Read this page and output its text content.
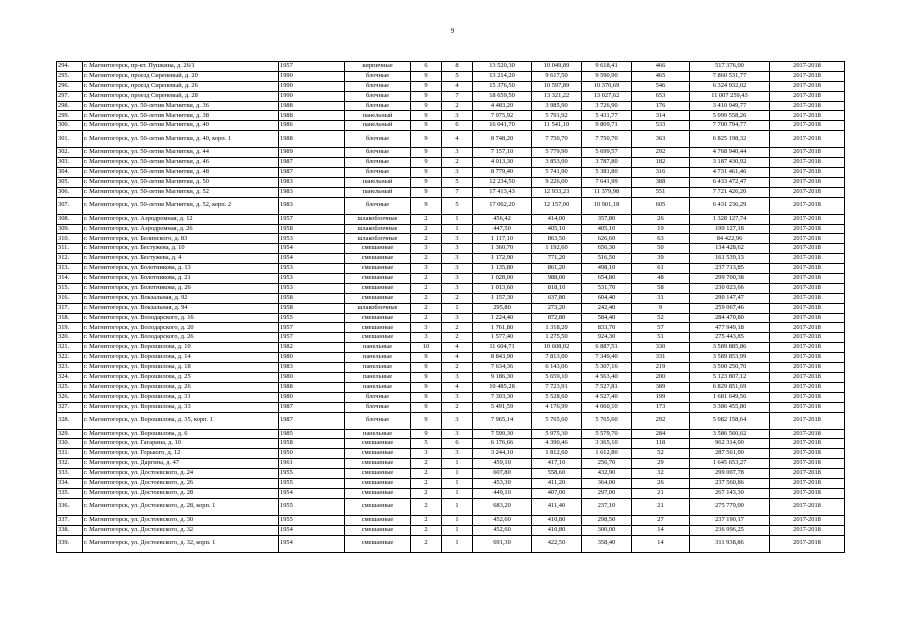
9
294.	г. Магнитогорск, пр-кт. Пушкина, д. 26/1	1957	кирпичные	6	8	13 520,30	10 049,89	9 618,41	466	517 376,00	2017-2018
295.	г. Магнитогорск, проезд Сиреневый, д. 20	1990	блочные	9	5	13 214,20	9 617,50	9 590,90	465	7 860 531,77	2017-2018
296.	г. Магнитогорск, проезд Сиреневый, д. 26	1990	блочные	9	4	15 376,50	10 597,89	10 370,69	546	6 324 932,02	2017-2018
297.	г. Магнитогорск, проезд Сиреневый, д. 28	1990	блочные	9	7	18 659,50	13 321,22	13 027,62	653	11 007 259,43	2017-2018
298.	г. Магнитогорск, ул. 50-летия Магнитки, д. 36	1988	блочные	9	2	4 483,20	3 985,90	3 726,90	176	3 410 949,77	2017-2018
299.	г. Магнитогорск, ул. 50-летия Магнитки, д. 38	1988	панельный	9	3	7 975,92	5 791,92	5 431,77	314	5 099 558,26	2017-2018
300.	г. Магнитогорск, ул. 50-летия Магнитки, д. 40	1986	панельный	9	6	16 041,70	11 541,10	9 809,71	533	7 700 794,77	2017-2018
301.	г. Магнитогорск, ул. 50-летия Магнитки, д. 40, корп. 1	1988	блочные	9	4	8 748,20	7 750,70	7 750,70	363	6 825 198,32	2017-2018
302.	г. Магнитогорск, ул. 50-летия Магнитки, д. 44	1989	блочные	9	3	7 157,10	5 779,90	5 699,57	292	4 768 940,44	2017-2018
303.	г. Магнитогорск, ул. 50-летия Магнитки, д. 46	1987	блочные	9	2	4 013,30	3 853,00	3 787,80	182	3 187 430,92	2017-2018
304.	г. Магнитогорск, ул. 50-летия Магнитки, д. 48	1987	блочные	9	3	8 779,40	5 741,90	5 381,80	316	4 731 461,46	2017-2018
305.	г. Магнитогорск, ул. 50-летия Магнитки, д. 50	1983	панельный	9	5	12 234,50	9 226,00	7 641,99	388	6 433 472,47	2017-2018
306.	г. Магнитогорск, ул. 50-летия Магнитки, д. 52	1983	панельный	9	7	17 413,43	12 933,23	11 379,98	551	7 721 426,20	2017-2018
307.	г. Магнитогорск, ул. 50-летия Магнитки, д. 52, корп. 2	1983	блочные	9	5	17 062,20	12 157,00	10 901,18	605	6 431 236,29	2017-2018
308.	г. Магнитогорск, ул. Аэродромная, д. 12	1957	шлакоблочные	2	1	456,42	414,00	357,80	26	1 328 127,74	2017-2018
309.	г. Магнитогорск, ул. Аэродромная, д. 26	1958	шлакоблочные	2	1	447,50	405,10	405,10	19	199 127,18	2017-2018
310.	г. Магнитогорск, ул. Белинского, д. 83	1953	шлакоблочные	2	3	1 117,10	863,50	626,60	63	84 422,96	2017-2018
311.	г. Магнитогорск, ул. Бестужева, д. 10	1954	смешанные	3	3	1 360,70	1 192,60	656,30	50	134 428,62	2017-2018
312.	г. Магнитогорск, ул. Бестужева, д. 4	1954	смешанные	2	3	1 172,90	771,20	516,50	39	161 539,13	2017-2018
313.	г. Магнитогорск, ул. Болотникова, д. 13	1953	смешанные	3	3	1 135,80	861,20	498,10	61	237 713,85	2017-2018
314.	г. Магнитогорск, ул. Болотникова, д. 21	1953	смешанные	2	3	1 028,00	988,00	654,80	48	299 700,38	2017-2018
315.	г. Магнитогорск, ул. Болотникова, д. 26	1953	смешанные	2	3	1 013,60	818,10	531,70	58	230 023,66	2017-2018
316.	г. Магнитогорск, ул. Вокзальная, д. 92	1958	смешанные	2	2	1 157,30	637,80	604,40	31	290 147,47	2017-2018
317.	г. Магнитогорск, ул. Вокзальная, д. 94	1958	шлакоблочные	2	1	295,80	273,20	242,40	9	259 067,46	2017-2018
318.	г. Магнитогорск, ул. Володарского, д. 16	1955	смешанные	2	3	1 224,40	872,80	584,40	52	284 470,80	2017-2018
319.	г. Магнитогорск, ул. Володарского, д. 20	1957	смешанные	3	2	1 761,80	1 318,20	833,70	57	477 949,18	2017-2018
320.	г. Магнитогорск, ул. Володарского, д. 26	1957	смешанные	3	2	1 577,40	1 275,50	924,30	51	275 443,85	2017-2018
321.	г. Магнитогорск, ул. Ворошилова, д. 10	1982	панельные	10	4	11 604,71	10 608,02	6 887,51	330	3 589 885,86	2017-2018
322.	г. Магнитогорск, ул. Ворошилова, д. 14	1980	панельные	9	4	8 843,90	7 813,00	7 349,40	331	3 589 853,99	2017-2018
323.	г. Магнитогорск, ул. Ворошилова, д. 18	1983	панельные	9	2	7 634,36	6 143,06	5 307,16	219	3 590 250,70	2017-2018
324.	г. Магнитогорск, ул. Ворошилова, д. 25	1980	панельные	9	3	9 186,30	5 659,10	4 563,40	200	5 123 807,12	2017-2018
325.	г. Магнитогорск, ул. Ворошилова, д. 26	1988	панельные	9	4	10 485,28	7 723,91	7 527,81	389	6 829 851,69	2017-2018
326.	г. Магнитогорск, ул. Ворошилова, д. 31	1980	блочные	9	3	7 303,30	5 528,60	4 527,40	199	1 681 649,56	2017-2018
327.	г. Магнитогорск, ул. Ворошилова, д. 33	1987	блочные	9	2	5 491,59	4 176,99	4 060,10	173	3 386 455,80	2017-2018
328.	г. Магнитогорск, ул. Ворошилова, д. 35, корп. 1	1987	блочные	9	3	7 965,14	5 765,60	5 765,60	292	5 082 158,64	2017-2018
329.	г. Магнитогорск, ул. Ворошилова, д. 6	1985	панельные	9	3	7 599,30	5 975,30	5 579,70	284	3 586 560,62	2017-2018
330.	г. Магнитогорск, ул. Гагарина, д. 10	1958	смешанные	5	6	6 176,66	4 390,46	3 365,10	118	962 314,00	2017-2018
331.	г. Магнитогорск, ул. Горького, д. 12	1950	смешанные	3	3	3 244,10	1 812,60	1 612,80	52	287 561,00	2017-2018
332.	г. Магнитогорск, ул. Даргина, д. 47	1961	смешанные	2	1	459,10	417,10	256,70	29	1 645 653,27	2017-2018
333.	г. Магнитогорск, ул. Достоевского, д. 24	1955	смешанные	2	1	607,80	558,60	432,90	32	299 007,78	2017-2018
334.	г. Магнитогорск, ул. Достоевского, д. 26	1955	смешанные	2	1	453,30	411,20	364,00	26	237 560,86	2017-2018
335.	г. Магнитогорск, ул. Достоевского, д. 28	1954	смешанные	2	1	449,10	407,00	297,00	21	267 143,30	2017-2018
336.	г. Магнитогорск, ул. Достоевского, д. 28, корп. 1	1955	смешанные	2	1	683,20	411,40	237,10	21	275 779,00	2017-2018
337.	г. Магнитогорск, ул. Достоевского, д. 30	1955	смешанные	2	1	452,60	410,80	298,50	27	237 190,17	2017-2018
338.	г. Магнитогорск, ул. Достоевского, д. 32	1954	смешанные	2	1	452,60	410,80	300,00	14	236 996,25	2017-2018
339.	г. Магнитогорск, ул. Достоевского, д. 32, корп. 1	1954	смешанные	2	1	691,30	422,50	358,40	14	311 938,86	2017-2018
